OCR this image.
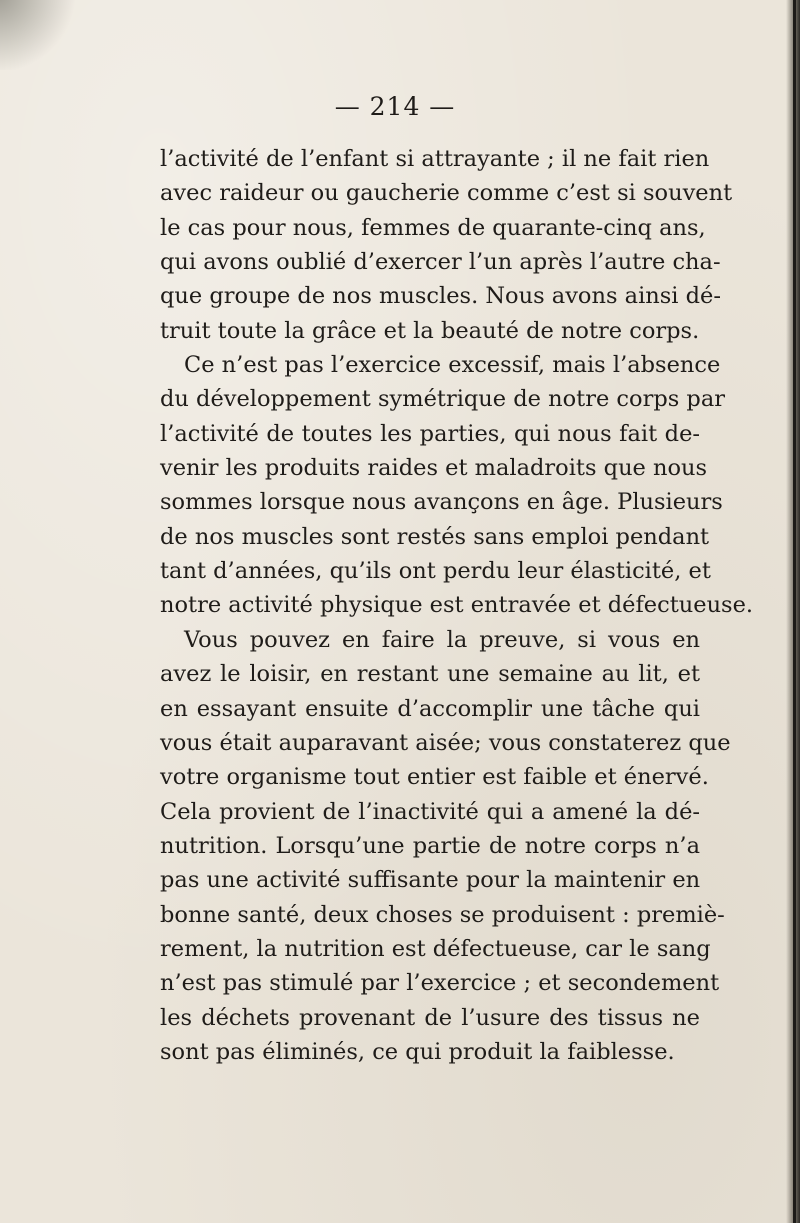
— 214 —
l’activité de l’enfant si attrayante ; il ne fait rien
avec raideur ou gaucherie comme c’est si souvent
le cas pour nous, femmes de quarante-cinq ans,
qui avons oublié d’exercer l’un après l’autre cha-
que groupe de nos muscles. Nous avons ainsi dé-
truit toute la grâce et la beauté de notre corps.
Ce n’est pas l’exercice excessif, mais l’absence
du développement symétrique de notre corps par
l’activité de toutes les parties, qui nous fait de-
venir les produits raides et maladroits que nous
sommes lorsque nous avançons en âge. Plusieurs
de nos muscles sont restés sans emploi pendant
tant d’années, qu’ils ont perdu leur élasticité, et
notre activité physique est entravée et défectueuse.
Vous pouvez en faire la preuve, si vous en
avez le loisir, en restant une semaine au lit, et
en essayant ensuite d’accomplir une tâche qui
vous était auparavant aisée; vous constaterez que
votre organisme tout entier est faible et énervé.
Cela provient de l’inactivité qui a amené la dé-
nutrition. Lorsqu’une partie de notre corps n’a
pas une activité suffisante pour la maintenir en
bonne santé, deux choses se produisent : premiè-
rement, la nutrition est défectueuse, car le sang
n’est pas stimulé par l’exercice ; et secondement
les déchets provenant de l’usure des tissus ne
sont pas éliminés, ce qui produit la faiblesse.
